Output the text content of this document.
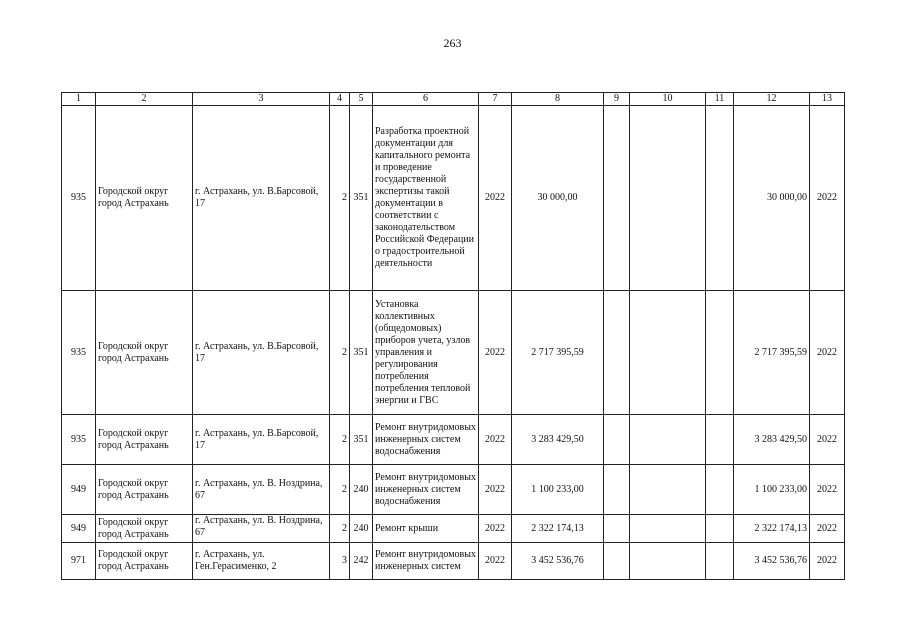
263
1	2	3	4	5	6	7	8	9	10	11	12	13
935	Городской округ город Астрахань	г. Астрахань, ул. В.Барсовой, 17	2	351	Разработка проектной документации для капитального ремонта и проведение государственной экспертизы такой документации в соответствии с законодательством Российской Федерации о градостроительной деятельности	2022	30 000,00				30 000,00	2022
935	Городской округ город Астрахань	г. Астрахань, ул. В.Барсовой, 17	2	351	Установка коллективных (общедомовых) приборов учета, узлов управления и регулирования потребления потребления тепловой энергии и ГВС	2022	2 717 395,59				2 717 395,59	2022
935	Городской округ город Астрахань	г. Астрахань, ул. В.Барсовой, 17	2	351	Ремонт внутридомовых инженерных систем водоснабжения	2022	3 283 429,50				3 283 429,50	2022
949	Городской округ город Астрахань	г. Астрахань, ул. В. Ноздрина, 67	2	240	Ремонт внутридомовых инженерных систем водоснабжения	2022	1 100 233,00				1 100 233,00	2022
949	Городской округ город Астрахань	г. Астрахань, ул. В. Ноздрина, 67	2	240	Ремонт крыши	2022	2 322 174,13				2 322 174,13	2022
971	Городской округ город Астрахань	г. Астрахань, ул. Ген.Герасименко, 2	3	242	Ремонт внутридомовых инженерных систем	2022	3 452 536,76				3 452 536,76	2022
